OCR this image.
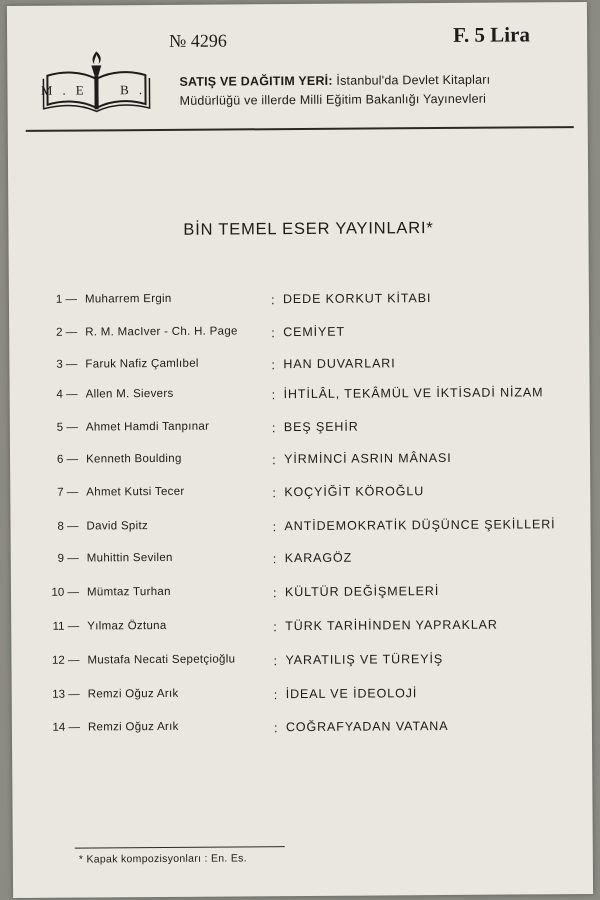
M.E. B.
№ 4296	F. 5 Lira
SATIŞ VE DAĞITIM YERİ: İstanbul'da Devlet Kitapları
Müdürlüğü ve illerde Milli Eğitim Bakanlığı Yayınevleri
BİN TEMEL ESER YAYINLARI*
1 — Muharrem Ergin	: DEDE KORKUT KİTABI
2 — R. M. MacIver - Ch. H. Page	: CEMİYET
3 — Faruk Nafiz Çamlıbel	: HAN DUVARLARI
4 — Allen M. Sievers	: İHTİLÂL, TEKÂMÜL VE İKTİSADİ NİZAM
5 — Ahmet Hamdi Tanpınar	: BEŞ ŞEHİR
6 — Kenneth Boulding	: YİRMİNCİ ASRIN MÂNASI
7 — Ahmet Kutsi Tecer	: KOÇYİĞİT KÖROĞLU
8 — David Spitz	: ANTİDEMOKRATİK DÜŞÜNCE ŞEKİLLERİ
9 — Muhittin Sevilen	: KARAGÖZ
10 — Mümtaz Turhan	: KÜLTÜR DEĞİŞMELERİ
11 — Yılmaz Öztuna	: TÜRK TARİHİNDEN YAPRAKLAR
12 — Mustafa Necati Sepetçioğlu	: YARATILIŞ VE TÜREYİŞ
13 — Remzi Oğuz Arık	: İDEAL VE İDEOLOJİ
14 — Remzi Oğuz Arık	: COĞRAFYADAN VATANA
* Kapak kompozisyonları : En. Es.
